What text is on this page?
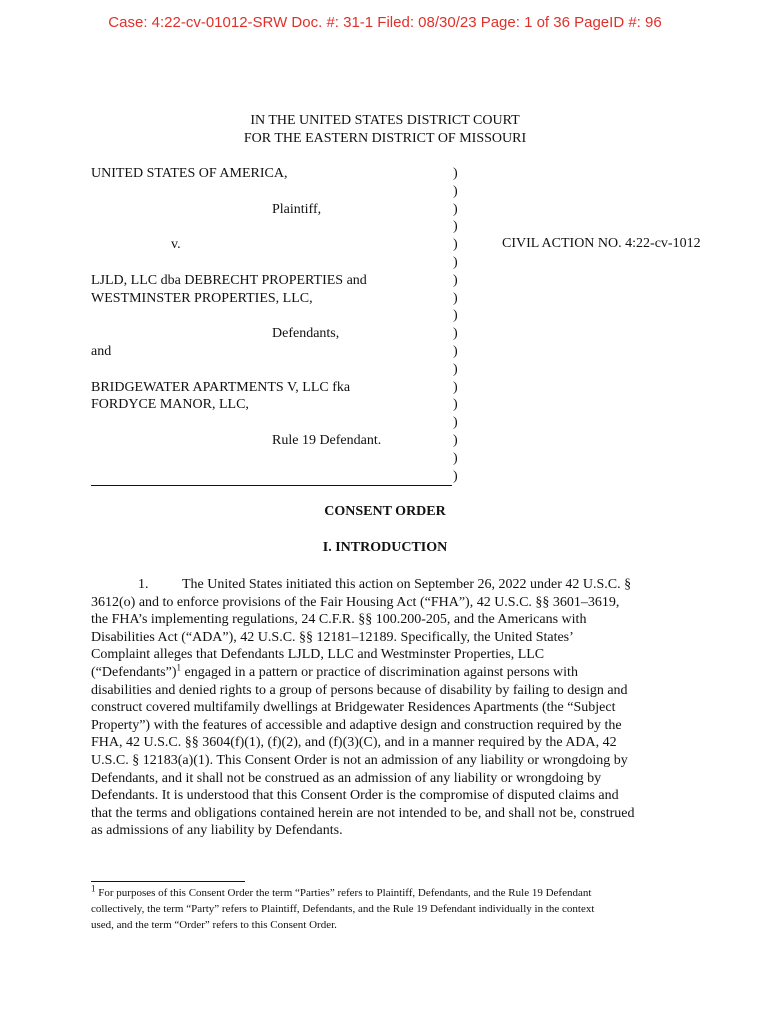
Case: 4:22-cv-01012-SRW Doc. #: 31-1 Filed: 08/30/23 Page: 1 of 36 PageID #: 96
IN THE UNITED STATES DISTRICT COURT
FOR THE EASTERN DISTRICT OF MISSOURI
UNITED STATES OF AMERICA,
Plaintiff,
v.
LJLD, LLC dba DEBRECHT PROPERTIES and
WESTMINSTER PROPERTIES, LLC,
Defendants,
and
BRIDGEWATER APARTMENTS V, LLC fka
FORDYCE MANOR, LLC,
Rule 19 Defendant.
)
)
)
)
)
)
)
)
)
)
)
)
)
)
)
)
)
)
CIVIL ACTION NO. 4:22-cv-1012
CONSENT ORDER
I. INTRODUCTION
1. The United States initiated this action on September 26, 2022 under 42 U.S.C. §
3612(o) and to enforce provisions of the Fair Housing Act (“FHA”), 42 U.S.C. §§ 3601–3619,
the FHA’s implementing regulations, 24 C.F.R. §§ 100.200-205, and the Americans with
Disabilities Act (“ADA”), 42 U.S.C. §§ 12181–12189. Specifically, the United States’
Complaint alleges that Defendants LJLD, LLC and Westminster Properties, LLC
(“Defendants”)$^1$ engaged in a pattern or practice of discrimination against persons with
disabilities and denied rights to a group of persons because of disability by failing to design and
construct covered multifamily dwellings at Bridgewater Residences Apartments (the “Subject
Property”) with the features of accessible and adaptive design and construction required by the
FHA, 42 U.S.C. §§ 3604(f)(1), (f)(2), and (f)(3)(C), and in a manner required by the ADA, 42
U.S.C. § 12183(a)(1). This Consent Order is not an admission of any liability or wrongdoing by
Defendants, and it shall not be construed as an admission of any liability or wrongdoing by
Defendants. It is understood that this Consent Order is the compromise of disputed claims and
that the terms and obligations contained herein are not intended to be, and shall not be, construed
as admissions of any liability by Defendants.
$^1$ For purposes of this Consent Order the term “Parties” refers to Plaintiff, Defendants, and the Rule 19 Defendant
collectively, the term “Party” refers to Plaintiff, Defendants, and the Rule 19 Defendant individually in the context
used, and the term “Order” refers to this Consent Order.
